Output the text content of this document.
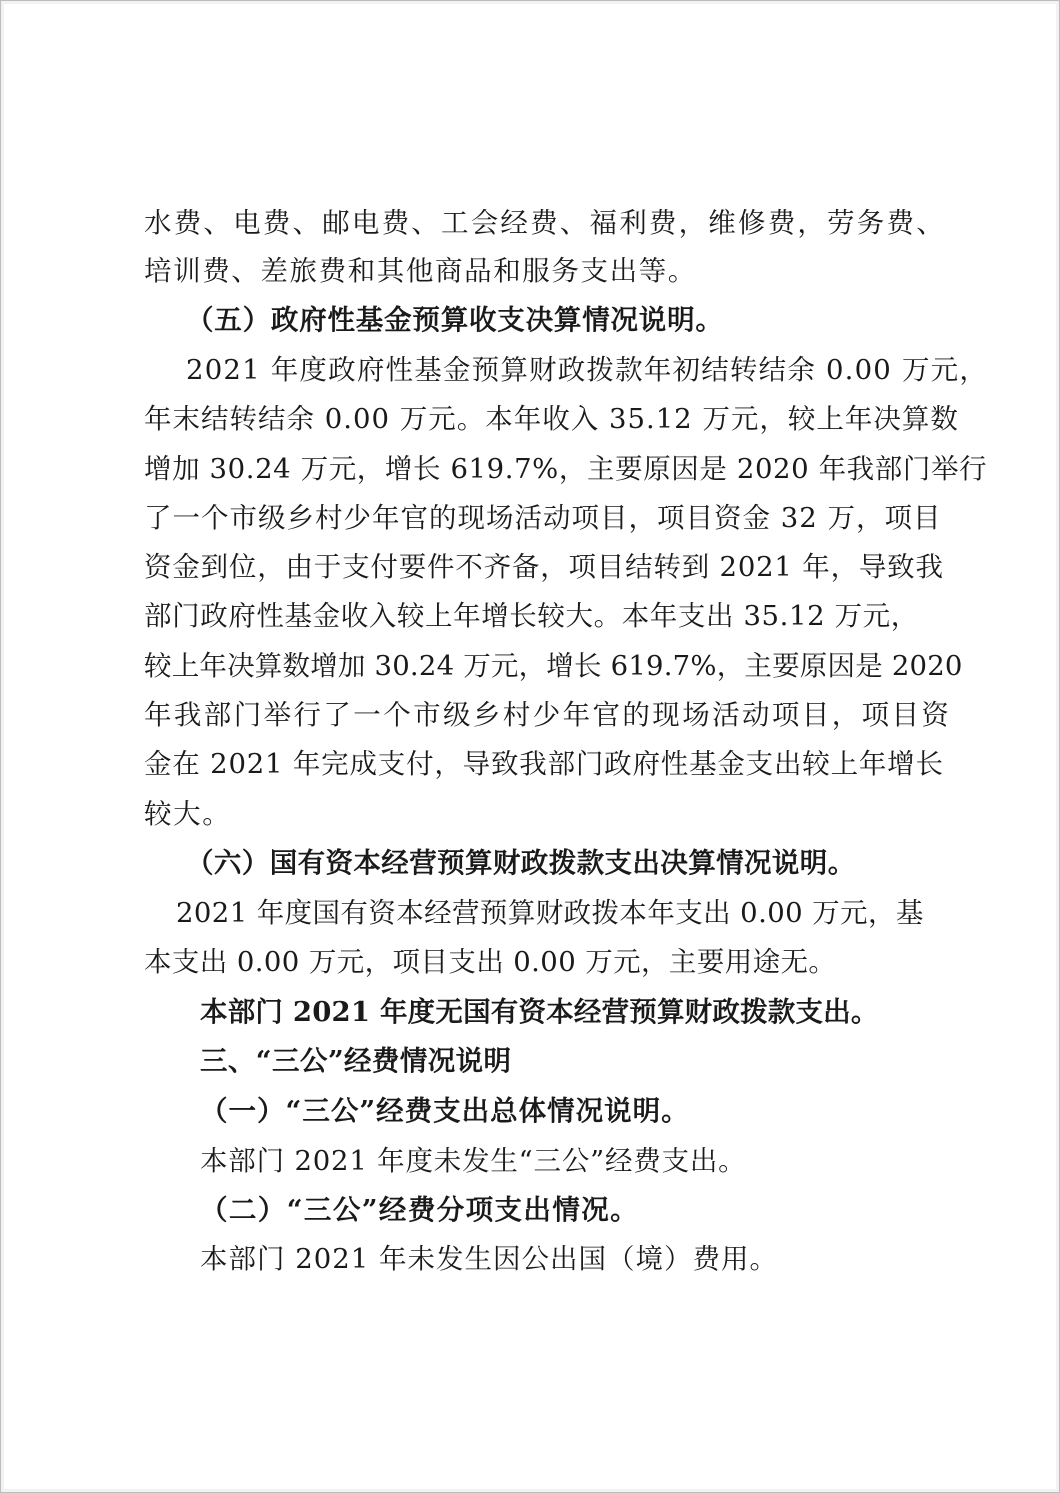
水费、电费、邮电费、工会经费、福利费，维修费，劳务费、
培训费、差旅费和其他商品和服务支出等。
（五）政府性基金预算收支决算情况说明。
2021 年度政府性基金预算财政拨款年初结转结余 0.00 万元，
年末结转结余 0.00 万元。本年收入 35.12 万元，较上年决算数
增加 30.24 万元，增长 619.7%，主要原因是 2020 年我部门举行
了一个市级乡村少年官的现场活动项目，项目资金 32 万，项目
资金到位，由于支付要件不齐备，项目结转到 2021 年，导致我
部门政府性基金收入较上年增长较大。本年支出 35.12 万元，
较上年决算数增加 30.24 万元，增长 619.7%，主要原因是 2020
年我部门举行了一个市级乡村少年官的现场活动项目，项目资
金在 2021 年完成支付，导致我部门政府性基金支出较上年增长
较大。
（六）国有资本经营预算财政拨款支出决算情况说明。
2021 年度国有资本经营预算财政拨本年支出 0.00 万元，基
本支出 0.00 万元，项目支出 0.00 万元，主要用途无。
本部门 2021 年度无国有资本经营预算财政拨款支出。
三、“三公”经费情况说明
（一）“三公”经费支出总体情况说明。
本部门 2021 年度未发生“三公”经费支出。
（二）“三公”经费分项支出情况。
本部门 2021 年未发生因公出国（境）费用。
